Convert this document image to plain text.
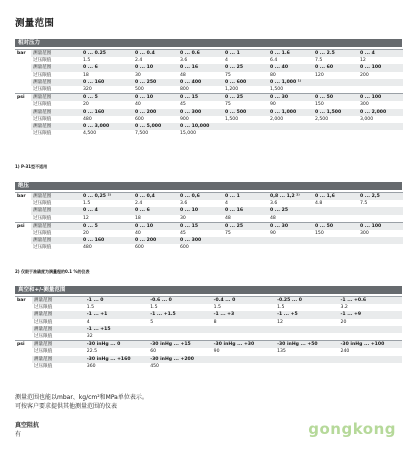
测量范围
相对压力
bar	测量范围	0 ... 0.25	0 ... 0.4	0 ... 0.6	0 ... 1	0 ... 1.6	0 ... 2.5	0 ... 4
	过压限值	1.5	2.4	3.6	4	6.4	7.5	12
	测量范围	0 ... 6	0 ... 10	0 ... 16	0 ... 25	0 ... 40	0 ... 60	0 ... 100
	过压限值	18	30	48	75	80	120	200
	测量范围	0 ... 160	0 ... 250	0 ... 400	0 ... 600	0 ... 1,000 ¹⁾		
	过压限值	320	500	800	1,200	1,500		
psi	测量范围	0 ... 5	0 ... 10	0 ... 15	0 ... 25	0 ... 30	0 ... 50	0 ... 100
	过压限值	20	40	45	75	90	150	300
	测量范围	0 ... 160	0 ... 200	0 ... 300	0 ... 500	0 ... 1,000	0 ... 1,500	0 ... 2,000
	过压限值	480	600	900	1,500	2,000	2,500	3,000
	测量范围	0 ... 3,000	0 ... 5,000	0 ... 10,000				
	过压限值	4,500	7,500	15,000				
1) P-31型不适用
绝压
bar	测量范围	0 ... 0,25 ²⁾	0 ... 0,4	0 ... 0,6	0 ... 1	0,8 ... 1,2 ²⁾	0 ... 1,6	0 ... 2,5
	过压限值	1.5	2.4	3.6	4	3.6	4.8	7.5
	测量范围	0 ... 4	0 ... 6	0 ... 10	0 ... 16	0 ... 25		
	过压限值	12	18	30	48	48		
psi	测量范围	0 ... 5	0 ... 10	0 ... 15	0 ... 25	0 ... 30	0 ... 50	0 ... 100
	过压限值	20	40	45	75	90	150	300
	测量范围	0 ... 160	0 ... 200	0 ... 300				
	过压限值	480	600	600				
2) 仅限于准确度为满量程的0.1 %的仪表
真空和+/-测量范围
bar	测量范围	-1 ... 0	-0.6 ... 0	-0.4 ... 0	-0.25 ... 0	-1 ... +0.6	
	过压限值	1.5	1.5	1.5	1.5	3.2	
	测量范围	-1 ... +1	-1 ... +1.5	-1 ... +3	-1 ... +5	-1 ... +9	
	过压限值	4	5	8	12	20	
	测量范围	-1 ... +15					
	过压限值	32					
psi	测量范围	-30 inHg ... 0	-30 inHg ... +15	-30 inHg ... +30	-30 inHg ... +50	-30 inHg ... +100	
	过压限值	22.5	60	90	135	240	
	测量范围	-30 inHg ... +160	-30 inHg ... +200				
	过压限值	360	450				
测量范围也能以mbar、kg/cm²和MPa单位表示。
可按客户要求提供其他测量范围的仪表
真空阻抗
有	gongkong
